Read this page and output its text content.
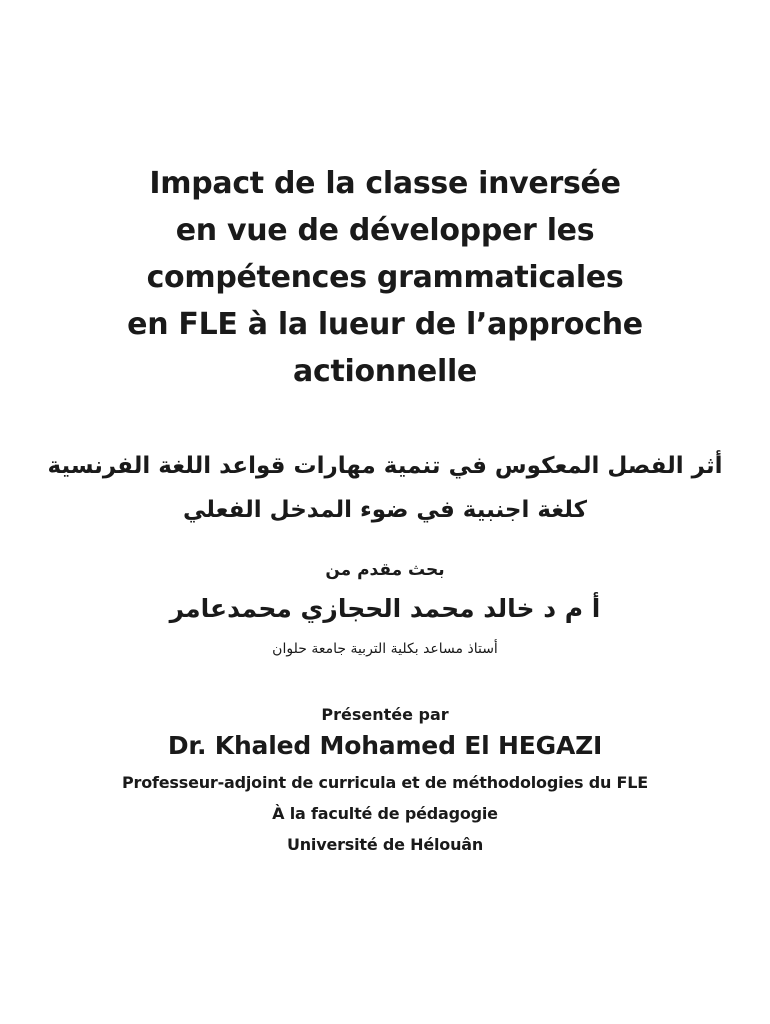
Impact de la classe inversée
en vue de développer les
compétences grammaticales
en FLE à la lueur de l’approche
actionnelle
أثر الفصل المعكوس في تنمية مهارات قواعد اللغة الفرنسية
كلغة اجنبية في ضوء المدخل الفعلي
بحث مقدم من
أ م د خالد محمد الحجازي محمدعامر
أستاذ مساعد بكلية التربية جامعة حلوان
Présentée par
Dr. Khaled Mohamed El HEGAZI
Professeur-adjoint de curricula et de méthodologies du FLE
À la faculté de pédagogie
Université de Hélouân
